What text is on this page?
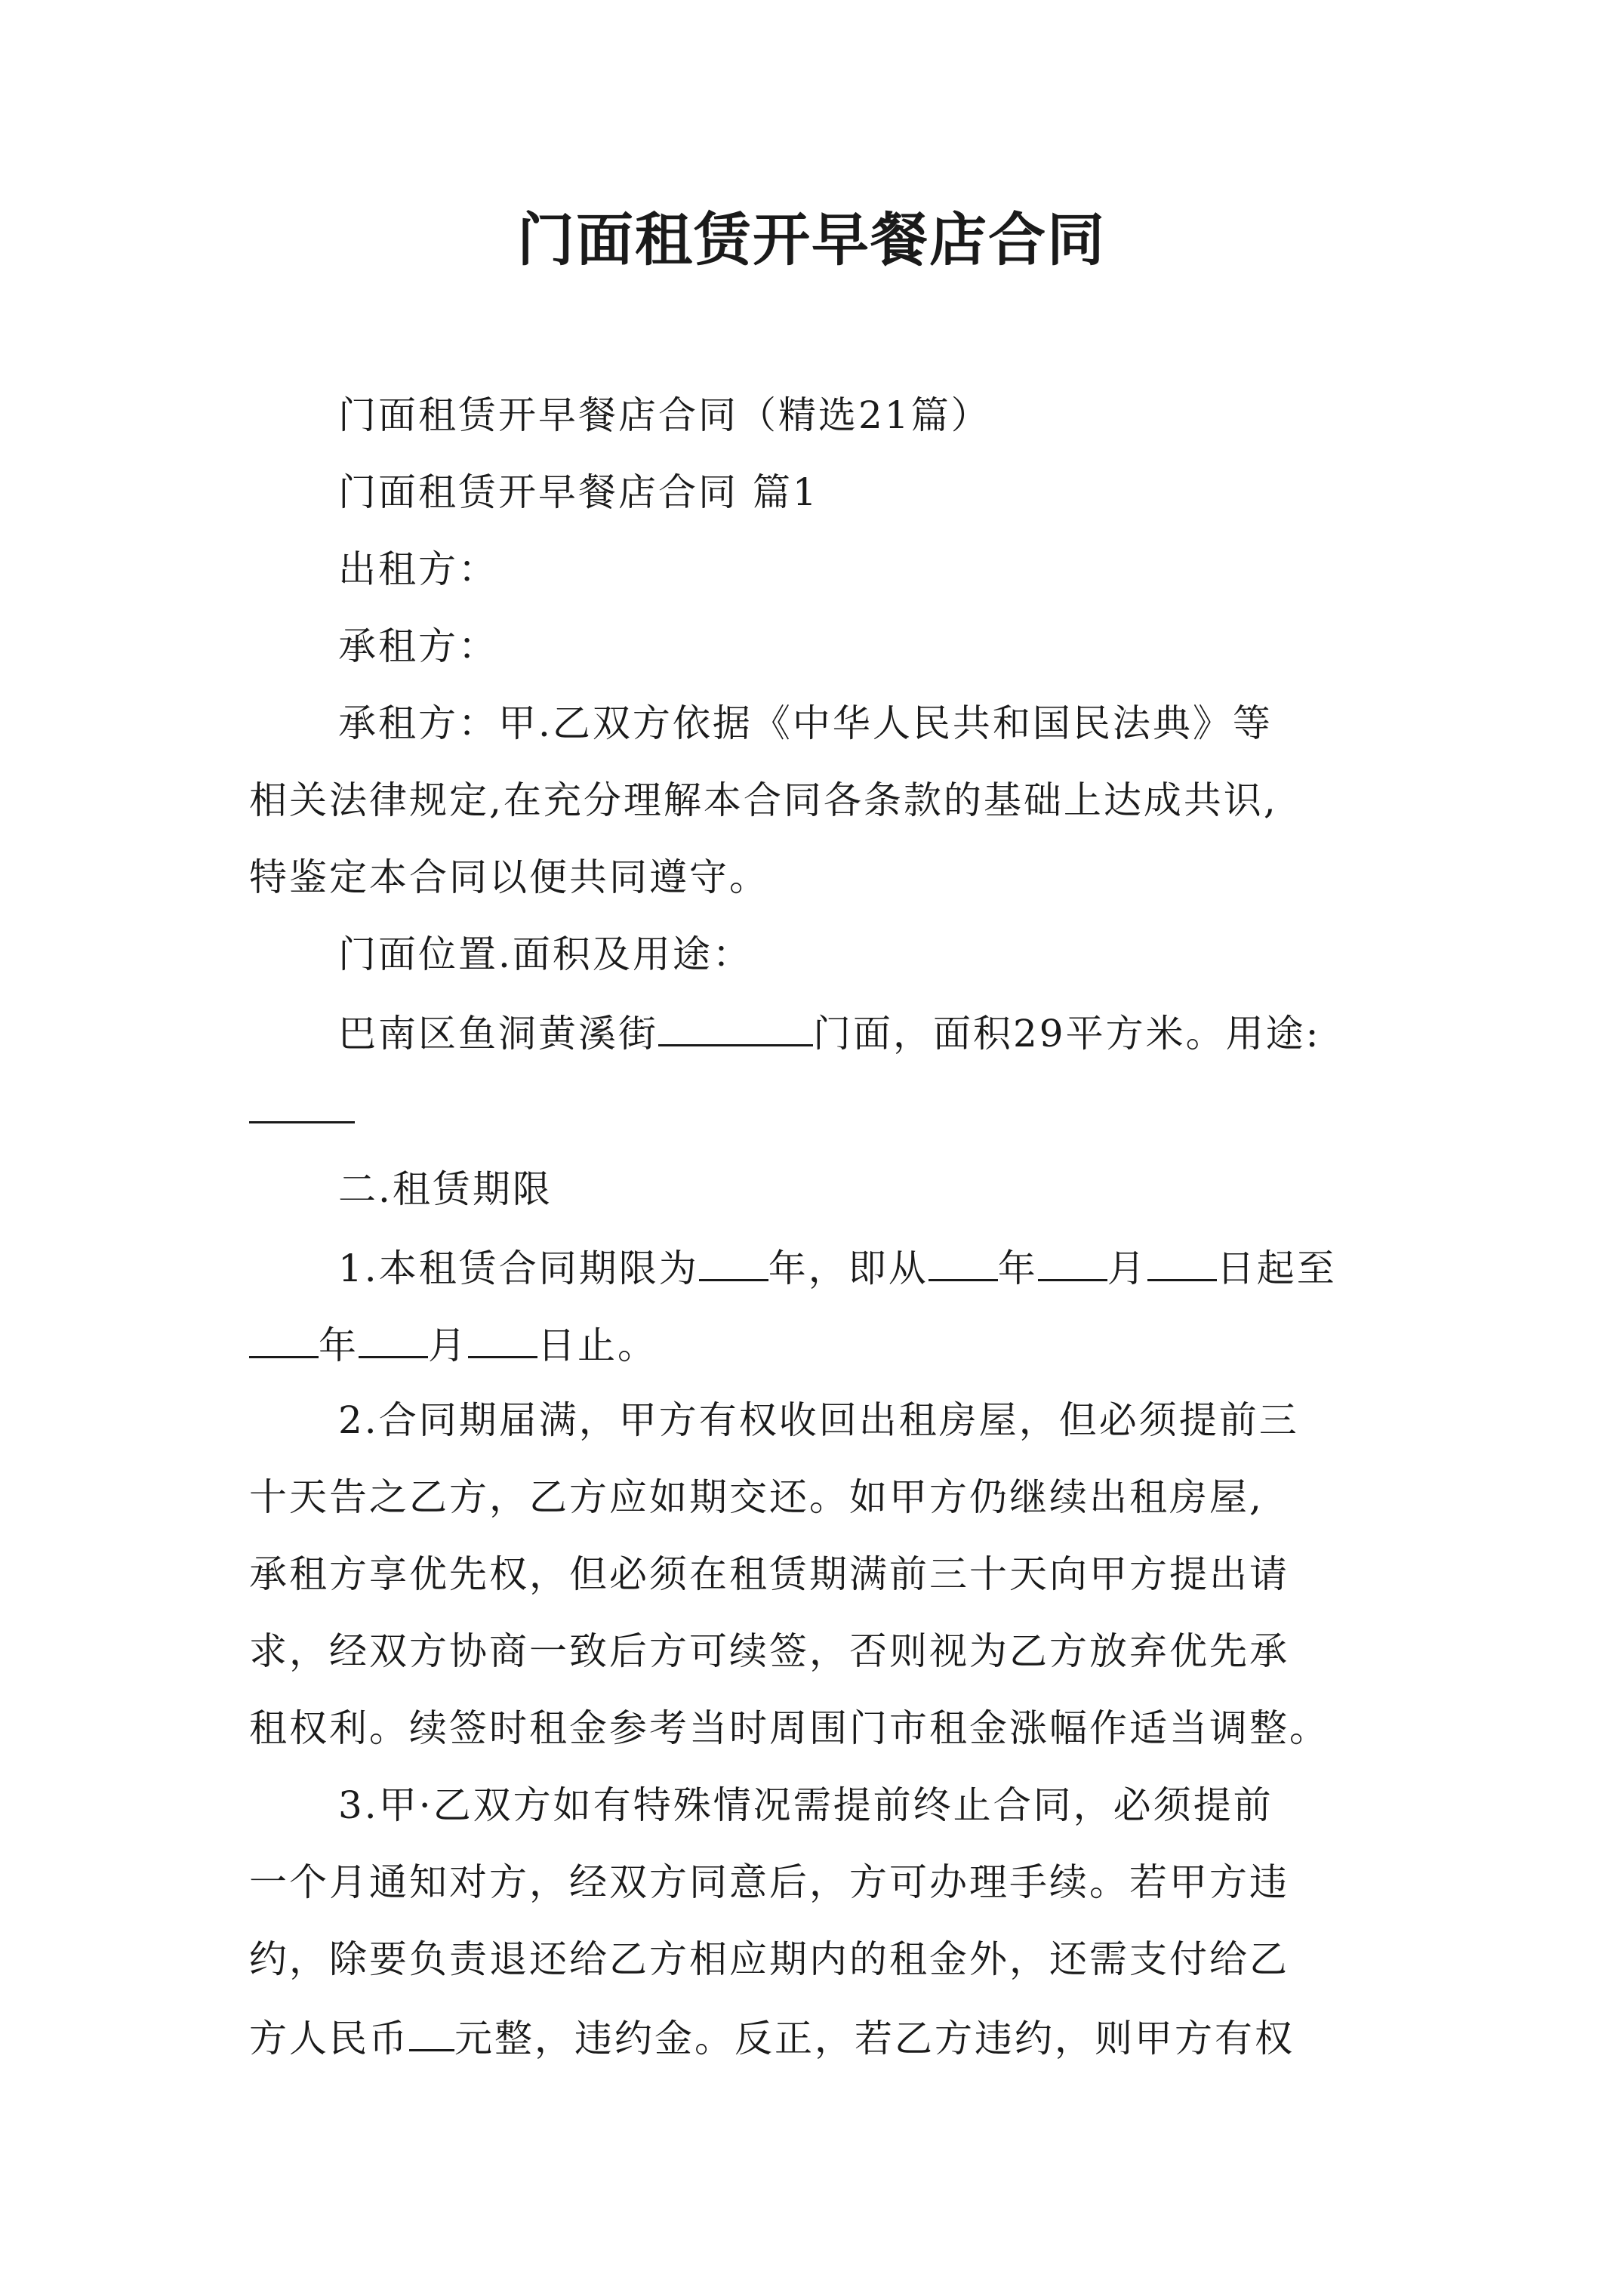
门面租赁开早餐店合同
门面租赁开早餐店合同（精选21篇）
门面租赁开早餐店合同 篇1
出租方：
承租方：
承租方：甲.乙双方依据《中华人民共和国民法典》等
相关法律规定,在充分理解本合同各条款的基础上达成共识,
特鉴定本合同以便共同遵守。
门面位置.面积及用途：
巴南区鱼洞黄溪街	门面，面积29平方米。用途:
二.租赁期限
1.本租赁合同期限为 年，即从 年 月 日起至
年 月 日止。
2.合同期届满，甲方有权收回出租房屋，但必须提前三
十天告之乙方，乙方应如期交还。如甲方仍继续出租房屋,
承租方享优先权，但必须在租赁期满前三十天向甲方提出请
求，经双方协商一致后方可续签，否则视为乙方放弃优先承
租权利。续签时租金参考当时周围门市租金涨幅作适当调整。
3.甲·乙双方如有特殊情况需提前终止合同，必须提前
一个月通知对方，经双方同意后，方可办理手续。若甲方违
约，除要负责退还给乙方相应期内的租金外，还需支付给乙
方人民币 元整，违约金。反正，若乙方违约，则甲方有权
